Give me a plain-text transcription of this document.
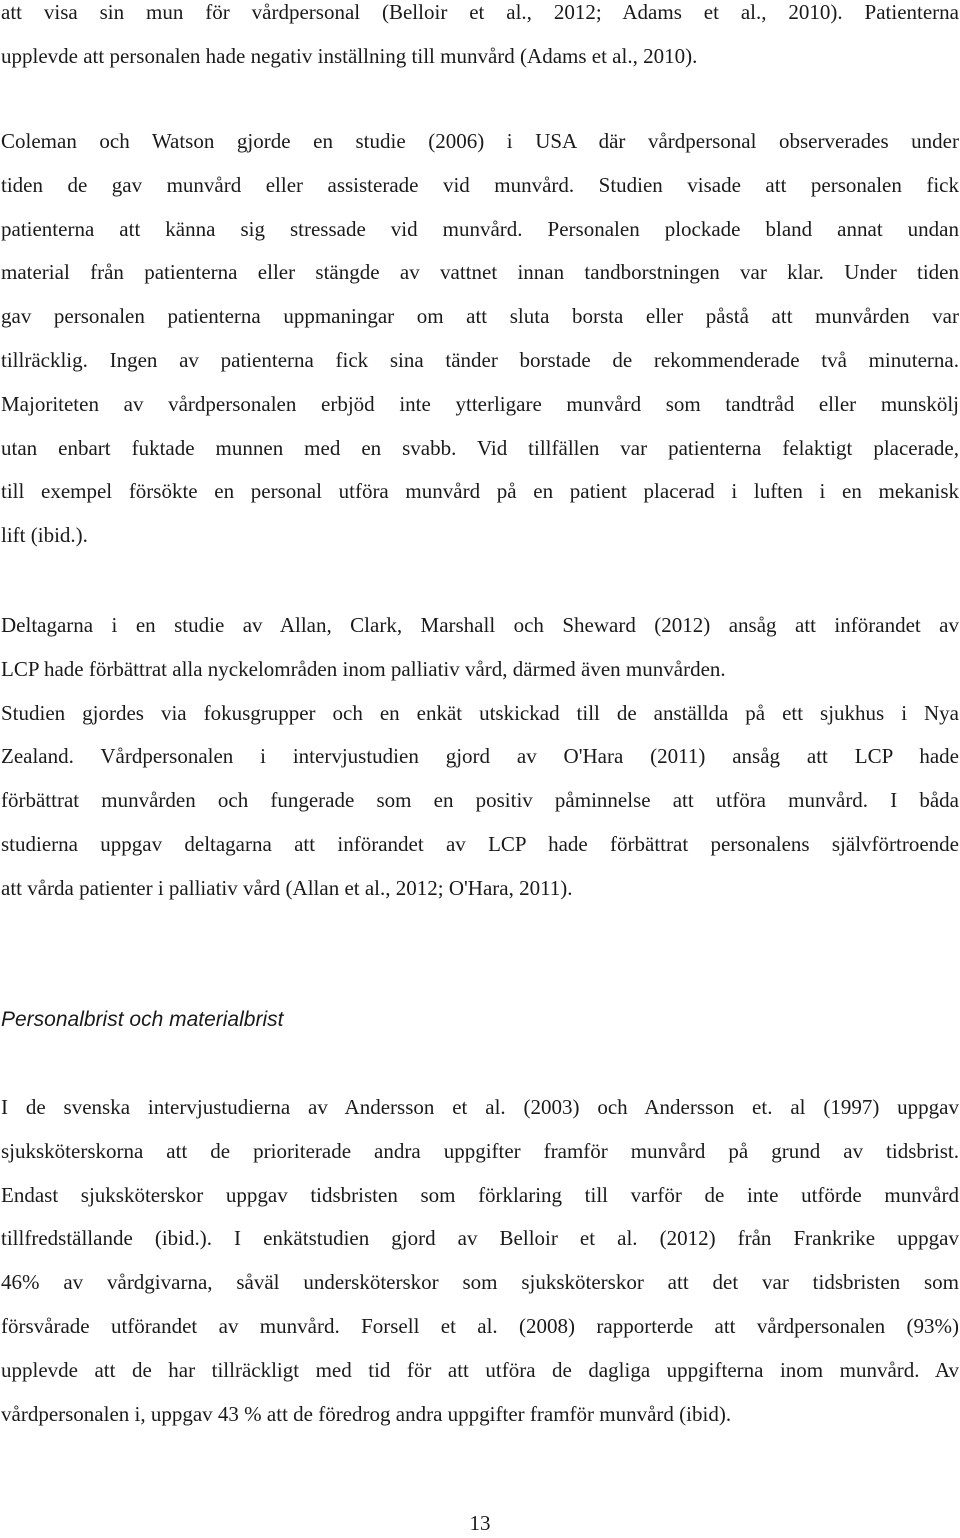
att visa sin mun för vårdpersonal (Belloir et al., 2012; Adams et al., 2010). Patienterna
upplevde att personalen hade negativ inställning till munvård (Adams et al., 2010).
Coleman och Watson gjorde en studie (2006) i USA där vårdpersonal observerades under
tiden de gav munvård eller assisterade vid munvård. Studien visade att personalen fick
patienterna att känna sig stressade vid munvård. Personalen plockade bland annat undan
material från patienterna eller stängde av vattnet innan tandborstningen var klar. Under tiden
gav personalen patienterna uppmaningar om att sluta borsta eller påstå att munvården var
tillräcklig. Ingen av patienterna fick sina tänder borstade de rekommenderade två minuterna.
Majoriteten av vårdpersonalen erbjöd inte ytterligare munvård som tandtråd eller munskölj
utan enbart fuktade munnen med en svabb. Vid tillfällen var patienterna felaktigt placerade,
till exempel försökte en personal utföra munvård på en patient placerad i luften i en mekanisk
lift (ibid.).
Deltagarna i en studie av Allan, Clark, Marshall och Sheward (2012) ansåg att införandet av
LCP hade förbättrat alla nyckelområden inom palliativ vård, därmed även munvården.
Studien gjordes via fokusgrupper och en enkät utskickad till de anställda på ett sjukhus i Nya
Zealand. Vårdpersonalen i intervjustudien gjord av O'Hara (2011) ansåg att LCP hade
förbättrat munvården och fungerade som en positiv påminnelse att utföra munvård. I båda
studierna uppgav deltagarna att införandet av LCP hade förbättrat personalens självförtroende
att vårda patienter i palliativ vård (Allan et al., 2012; O'Hara, 2011).
Personalbrist och materialbrist
I de svenska intervjustudierna av Andersson et al. (2003) och Andersson et. al (1997) uppgav
sjuksköterskorna att de prioriterade andra uppgifter framför munvård på grund av tidsbrist.
Endast sjuksköterskor uppgav tidsbristen som förklaring till varför de inte utförde munvård
tillfredställande (ibid.). I enkätstudien gjord av Belloir et al. (2012) från Frankrike uppgav
46% av vårdgivarna, såväl undersköterskor som sjuksköterskor att det var tidsbristen som
försvårade utförandet av munvård. Forsell et al. (2008) rapporterde att vårdpersonalen (93%)
upplevde att de har tillräckligt med tid för att utföra de dagliga uppgifterna inom munvård. Av
vårdpersonalen i, uppgav 43 % att de föredrog andra uppgifter framför munvård (ibid).
13
